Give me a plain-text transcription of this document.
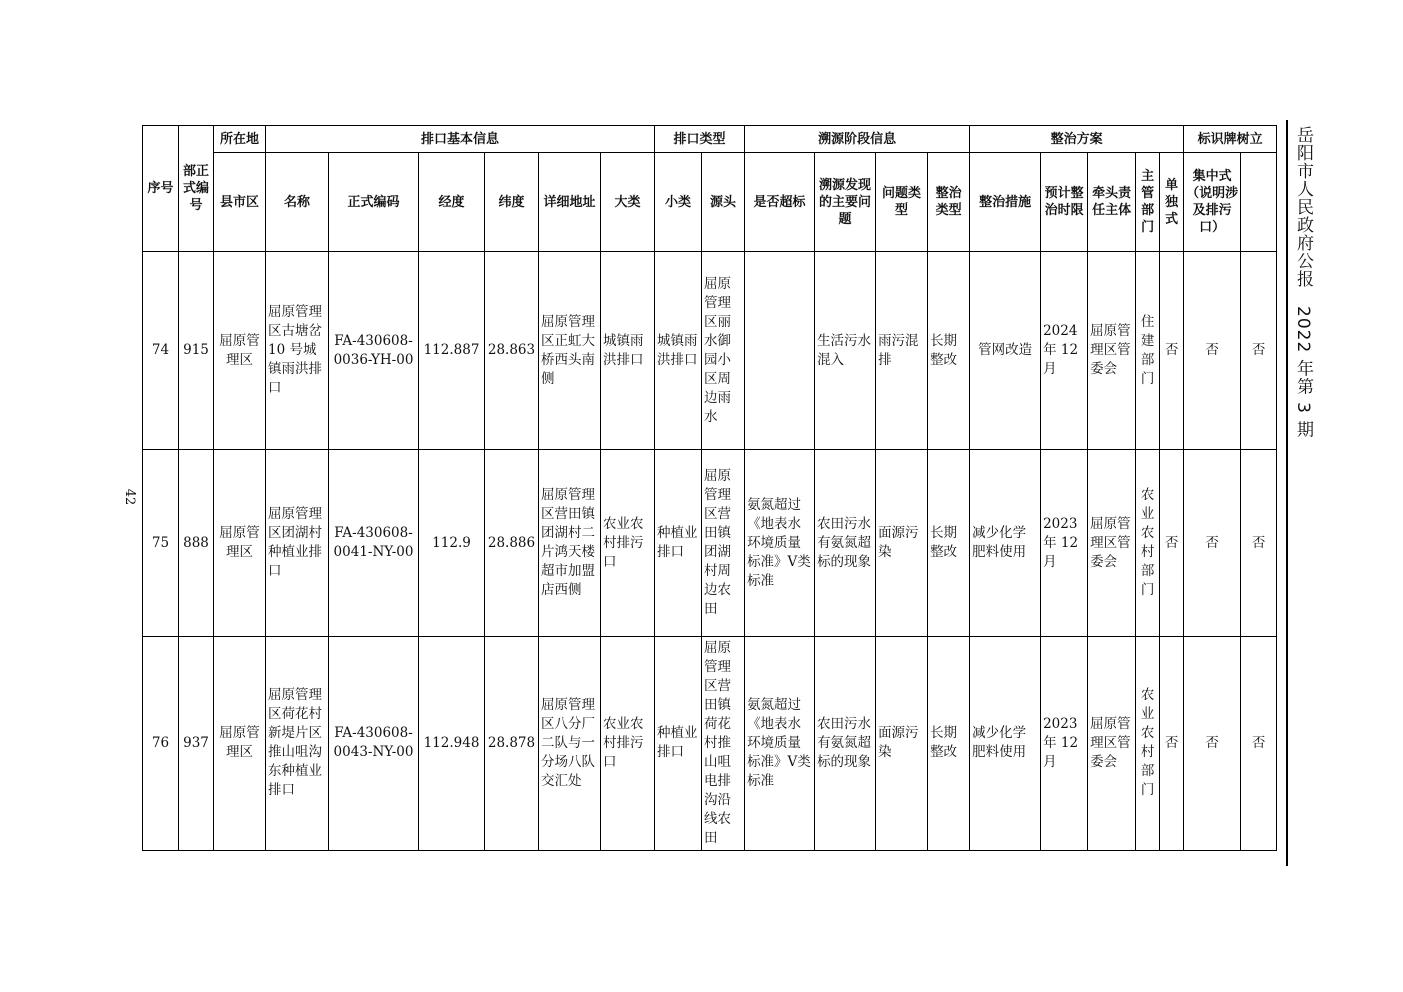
岳阳市人民政府公报　2022 年第 3 期
42
序号	部正式编号	所在地	排口基本信息						排口类型		溯源阶段信息				整治方案					标识牌树立	
		县市区	名称	正式编码	经度	纬度	详细地址	大类	小类	源头	是否超标	溯源发现的主要问题	问题类型	整治类型	整治措施	预计整治时限	牵头责任主体	主管部门	单独式	集中式（说明涉及排污口）		
74	915	屈原管理区	屈原管理区古塘岔 10 号城镇雨洪排口	FA-430608-0036-YH-00	112.887	28.863	屈原管理区正虹大桥西头南侧	城镇雨洪排口	城镇雨洪排口	屈原管理区丽水御园小区周边雨水		生活污水混入	雨污混排	长期整改	管网改造	2024 年 12 月	屈原管理区管委会	住建部门	否	否	否	
75	888	屈原管理区	屈原管理区团湖村种植业排口	FA-430608-0041-NY-00	112.9	28.886	屈原管理区营田镇团湖村二片鸿天楼超市加盟店西侧	农业农村排污口	种植业排口	屈原管理区营田镇团湖村周边农田	氨氮超过《地表水环境质量标准》Ⅴ类标准	农田污水有氨氮超标的现象	面源污染	长期整改	减少化学肥料使用	2023 年 12 月	屈原管理区管委会	农业农村部门	否	否	否	
76	937	屈原管理区	屈原管理区荷花村新堤片区推山咀沟东种植业排口	FA-430608-0043-NY-00	112.948	28.878	屈原管理区八分厂二队与一分场八队交汇处	农业农村排污口	种植业排口	屈原管理区营田镇荷花村推山咀电排沟沿线农田	氨氮超过《地表水环境质量标准》Ⅴ类标准	农田污水有氨氮超标的现象	面源污染	长期整改	减少化学肥料使用	2023 年 12 月	屈原管理区管委会	农业农村部门	否	否	否	
